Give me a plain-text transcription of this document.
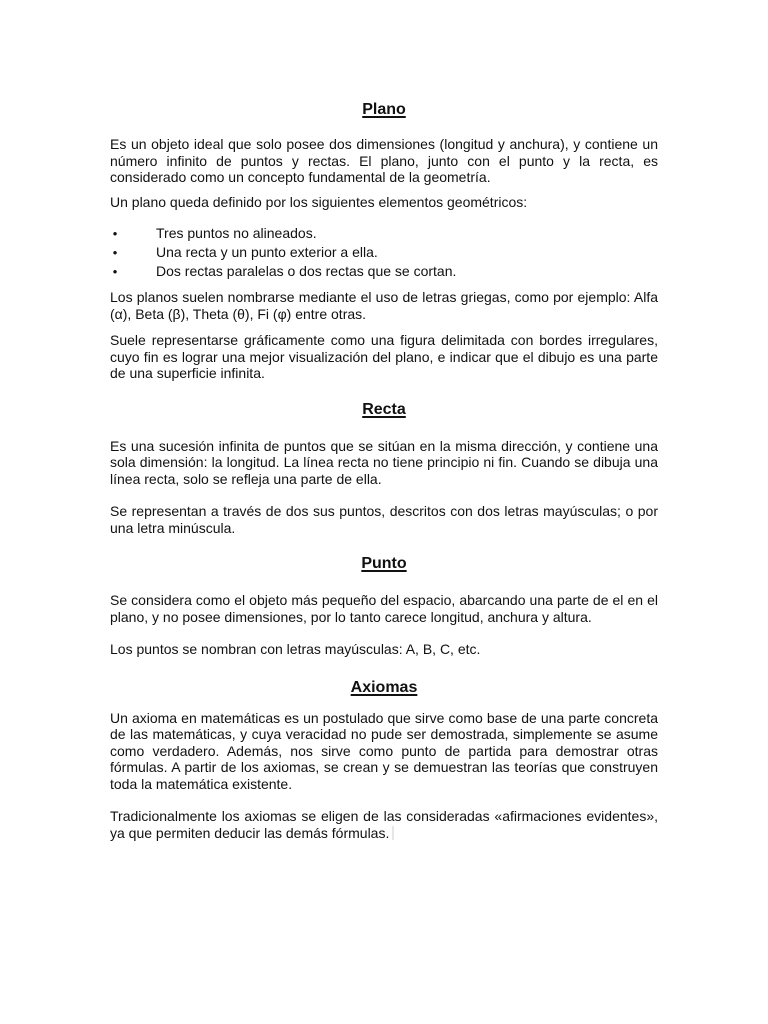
Plano

Es un objeto ideal que solo posee dos dimensiones (longitud y anchura), y contiene un número infinito de puntos y rectas. El plano, junto con el punto y la recta, es considerado como un concepto fundamental de la geometría.

Un plano queda definido por los siguientes elementos geométricos:

•	Tres puntos no alineados.
•	Una recta y un punto exterior a ella.
•	Dos rectas paralelas o dos rectas que se cortan.

Los planos suelen nombrarse mediante el uso de letras griegas, como por ejemplo: Alfa (α), Beta (β), Theta (θ), Fi (φ) entre otras.

Suele representarse gráficamente como una figura delimitada con bordes irregulares, cuyo fin es lograr una mejor visualización del plano, e indicar que el dibujo es una parte de una superficie infinita.

Recta

Es una sucesión infinita de puntos que se sitúan en la misma dirección, y contiene una sola dimensión: la longitud. La línea recta no tiene principio ni fin. Cuando se dibuja una línea recta, solo se refleja una parte de ella.

Se representan a través de dos sus puntos, descritos con dos letras mayúsculas; o por una letra minúscula.

Punto

Se considera como el objeto más pequeño del espacio, abarcando una parte de el en el plano, y no posee dimensiones, por lo tanto carece longitud, anchura y altura.

Los puntos se nombran con letras mayúsculas: A, B, C, etc.

Axiomas

Un axioma en matemáticas es un postulado que sirve como base de una parte concreta de las matemáticas, y cuya veracidad no pude ser demostrada, simplemente se asume como verdadero. Además, nos sirve como punto de partida para demostrar otras fórmulas. A partir de los axiomas, se crean y se demuestran las teorías que construyen toda la matemática existente.

Tradicionalmente los axiomas se eligen de las consideradas «afirmaciones evidentes», ya que permiten deducir las demás fórmulas.
